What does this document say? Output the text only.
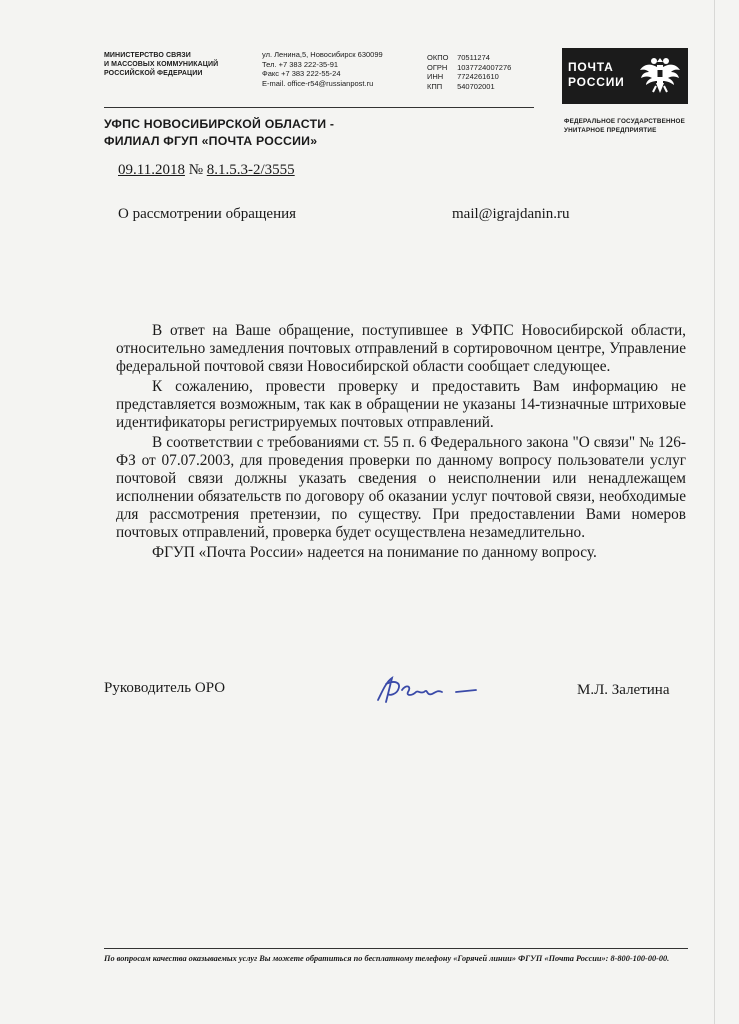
МИНИСТЕРСТВО СВЯЗИ
И МАССОВЫХ КОММУНИКАЦИЙ
РОССИЙСКОЙ ФЕДЕРАЦИИ
ул. Ленина,5, Новосибирск 630099
Тел. +7 383 222-35-91
Факс +7 383 222-55-24
E-mail. office-r54@russianpost.ru
ОКПО 70511274
ОГРН 1037724007276
ИНН 7724261610
КПП 540702001
ПОЧТА
РОССИИ
ФЕДЕРАЛЬНОЕ ГОСУДАРСТВЕННОЕ
УНИТАРНОЕ ПРЕДПРИЯТИЕ
УФПС НОВОСИБИРСКОЙ ОБЛАСТИ -
ФИЛИАЛ ФГУП «ПОЧТА РОССИИ»
09.11.2018 № 8.1.5.3-2/3555
О рассмотрении обращения	mail@igrajdanin.ru

В ответ на Ваше обращение, поступившее в УФПС Новосибирской области, относительно замедления почтовых отправлений в сортировочном центре, Управление федеральной почтовой связи Новосибирской области сообщает следующее.

К сожалению, провести проверку и предоставить Вам информацию не представляется возможным, так как в обращении не указаны 14-тизначные штриховые идентификаторы регистрируемых почтовых отправлений.

В соответствии с требованиями ст. 55 п. 6 Федерального закона "О связи" № 126-ФЗ от 07.07.2003, для проведения проверки по данному вопросу пользователи услуг почтовой связи должны указать сведения о неисполнении или ненадлежащем исполнении обязательств по договору об оказании услуг почтовой связи, необходимые для рассмотрения претензии, по существу. При предоставлении Вами номеров почтовых отправлений, проверка будет осуществлена незамедлительно.

ФГУП «Почта России» надеется на понимание по данному вопросу.

Руководитель ОРО	М.Л. Залетина
По вопросам качества оказываемых услуг Вы можете обратиться по бесплатному телефону «Горячей линии» ФГУП «Почта России»: 8-800-100-00-00.
